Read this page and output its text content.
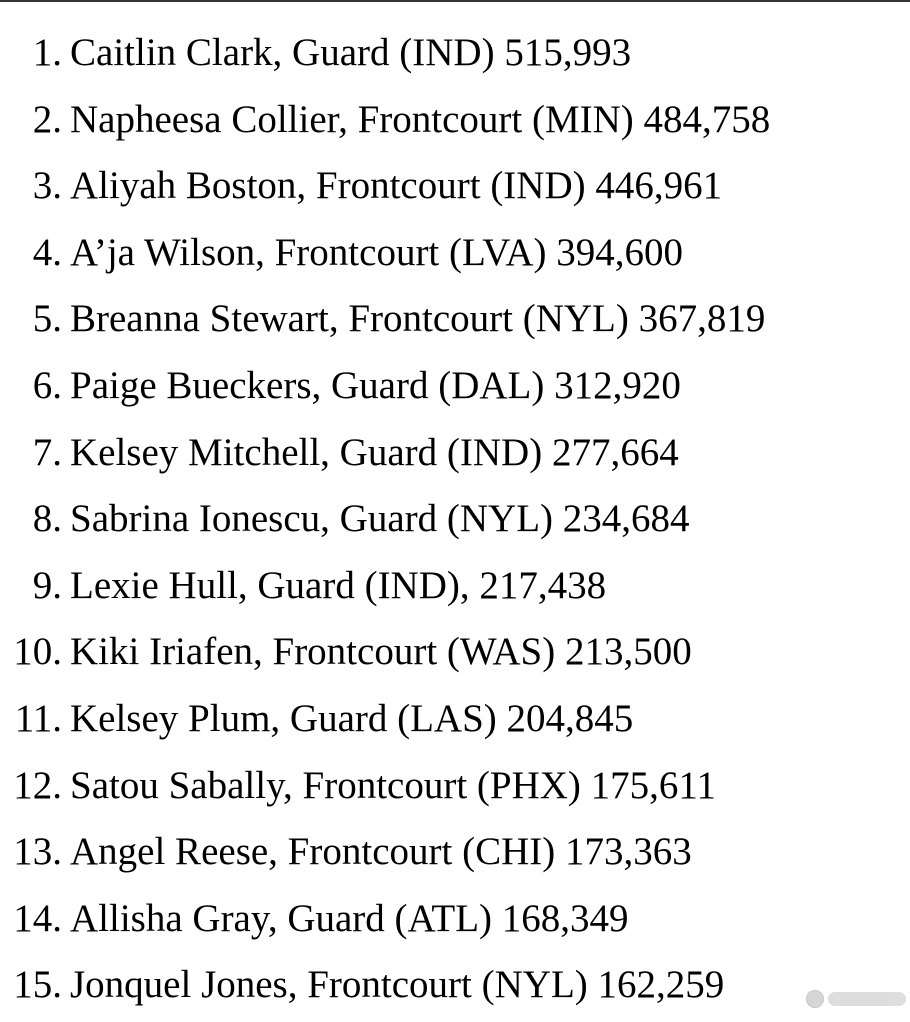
1. Caitlin Clark, Guard (IND) 515,993
2. Napheesa Collier, Frontcourt (MIN) 484,758
3. Aliyah Boston, Frontcourt (IND) 446,961
4. A’ja Wilson, Frontcourt (LVA) 394,600
5. Breanna Stewart, Frontcourt (NYL) 367,819
6. Paige Bueckers, Guard (DAL) 312,920
7. Kelsey Mitchell, Guard (IND) 277,664
8. Sabrina Ionescu, Guard (NYL) 234,684
9. Lexie Hull, Guard (IND), 217,438
10. Kiki Iriafen, Frontcourt (WAS) 213,500
11. Kelsey Plum, Guard (LAS) 204,845
12. Satou Sabally, Frontcourt (PHX) 175,611
13. Angel Reese, Frontcourt (CHI) 173,363
14. Allisha Gray, Guard (ATL) 168,349
15. Jonquel Jones, Frontcourt (NYL) 162,259
